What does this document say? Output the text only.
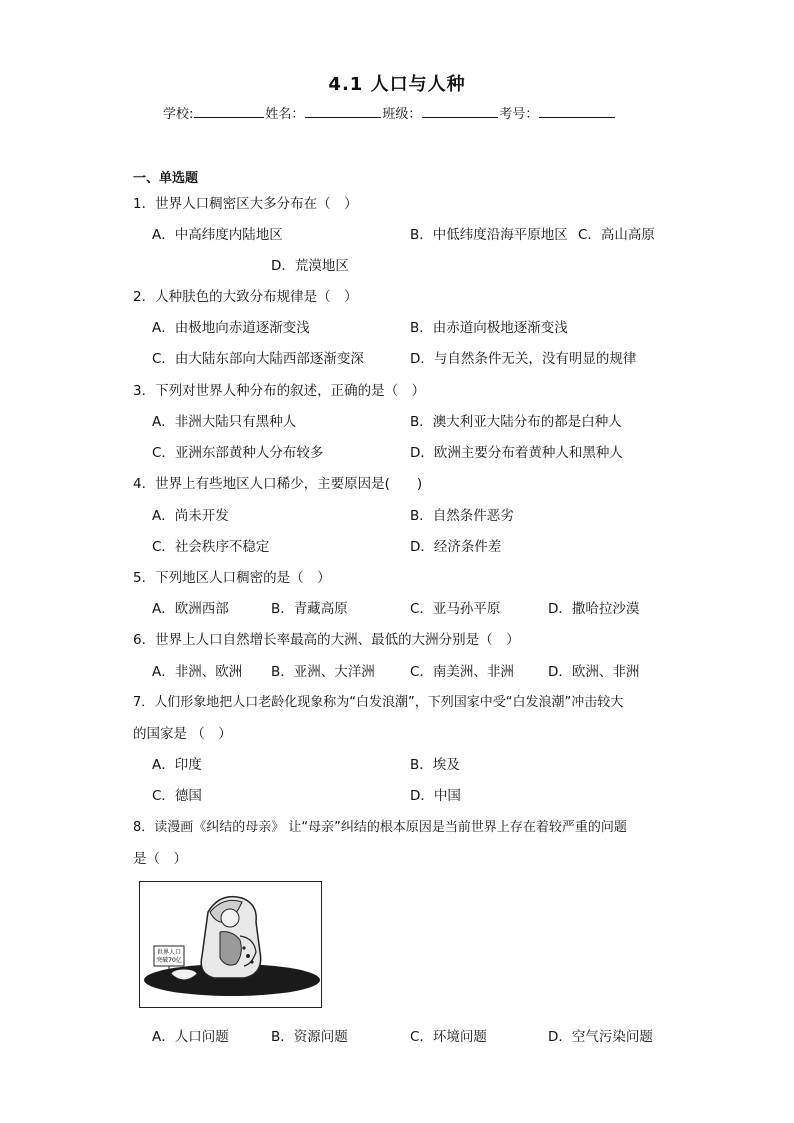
4.1 人口与人种
学校:	姓名：	班级：	考号：
一、单选题
1．世界人口稠密区大多分布在（　）
A．中高纬度内陆地区	B．中低纬度沿海平原地区 C．高山高原
D．荒漠地区
2．人种肤色的大致分布规律是（　）
A．由极地向赤道逐渐变浅	B．由赤道向极地逐渐变浅
C．由大陆东部向大陆西部逐渐变深	D．与自然条件无关，没有明显的规律
3．下列对世界人种分布的叙述，正确的是（　）
A．非洲大陆只有黑种人	B．澳大利亚大陆分布的都是白种人
C．亚洲东部黄种人分布较多	D．欧洲主要分布着黄种人和黑种人
4．世界上有些地区人口稀少，主要原因是(　　)
A．尚未开发	B．自然条件恶劣
C．社会秩序不稳定	D．经济条件差
5．下列地区人口稠密的是（　）
A．欧洲西部	B．青藏高原	C．亚马孙平原	D．撒哈拉沙漠
6．世界上人口自然增长率最高的大洲、最低的大洲分别是（　）
A．非洲、欧洲 B．亚洲、大洋洲	C．南美洲、非洲	D．欧洲、非洲
7．人们形象地把人口老龄化现象称为“白发浪潮”，下列国家中受“白发浪潮”冲击较大
的国家是 （　）
A．印度	B．埃及
C．德国	D．中国
8．读漫画《纠结的母亲》 让“母亲”纠结的根本原因是当前世界上存在着较严重的问题
是（　）
世界人口
突破70亿
A．人口问题	B．资源问题	C．环境问题	D．空气污染问题
